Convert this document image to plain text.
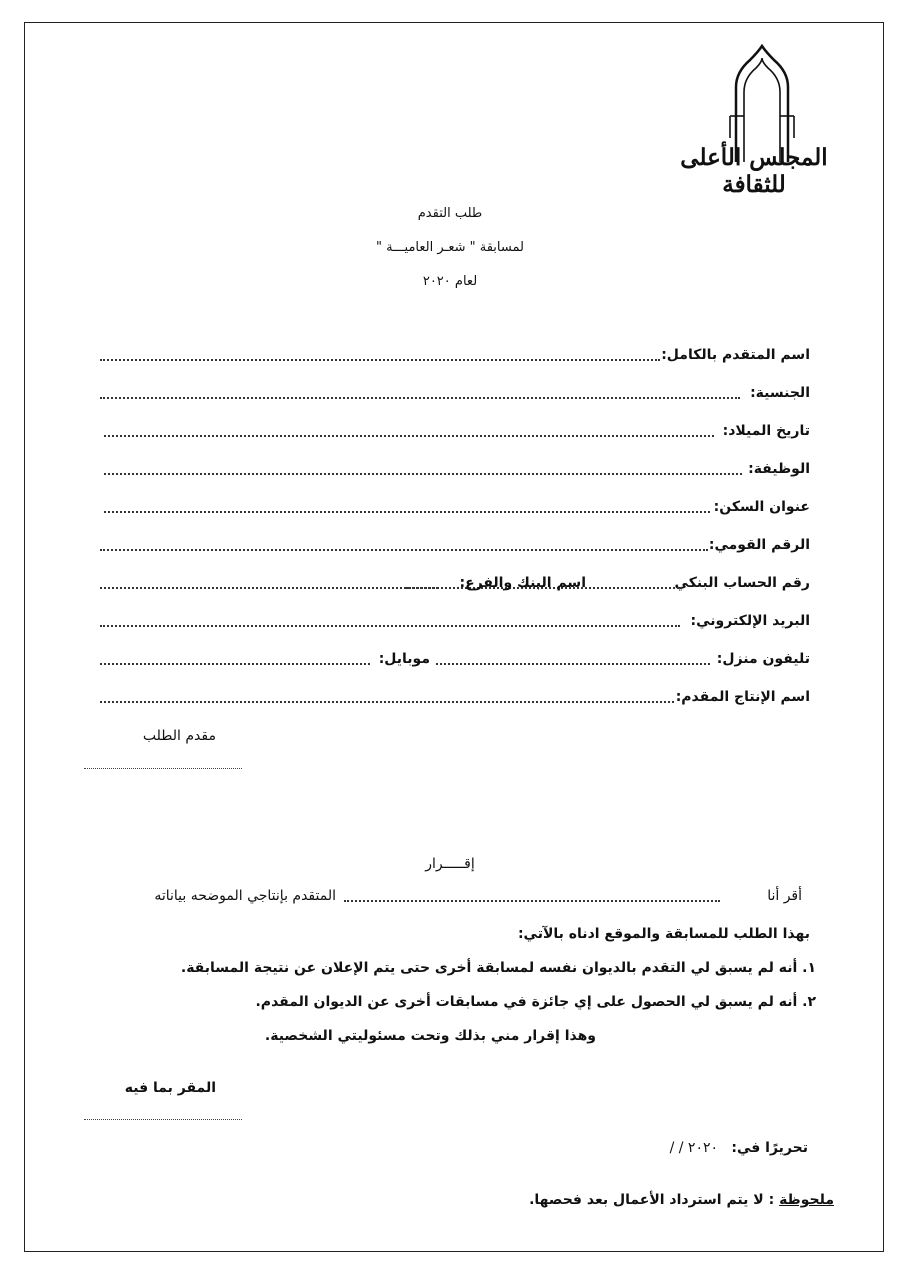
المجلس الأعلى للثقافة
طلب التقدم
لمسابقة " شعـر العاميـــة "
لعام ٢٠٢٠
اسم المتقدم بالكامل:
الجنسية:
تاريخ الميلاد:
الوظيفة:
عنوان السكن:
الرقم القومي:
رقم الحساب البنكي
اسم البنك والفرع:
البريد الإلكتروني:
تليفون منزل:
موبايل:
اسم الإنتاج المقدم:
مقدم الطلب
إقـــــرار
أقر أنا
المتقدم بإنتاجي الموضحه بياناته
بهذا الطلب للمسابقة والموقع ادناه بالآتي:
١. أنه لم يسبق لي التقدم بالديوان نفسه لمسابقة أخرى حتى يتم الإعلان عن نتيجة المسابقة.
٢. أنه لم يسبق لي الحصول على إي جائزة في مسابقات أخرى عن الديوان المقدم.
وهذا إقرار مني بذلك وتحت مسئوليتي الشخصية.
المقر بما فيه
تحريرًا في:
/ / ٢٠٢٠
ملحوظة : لا يتم استرداد الأعمال بعد فحصها.
